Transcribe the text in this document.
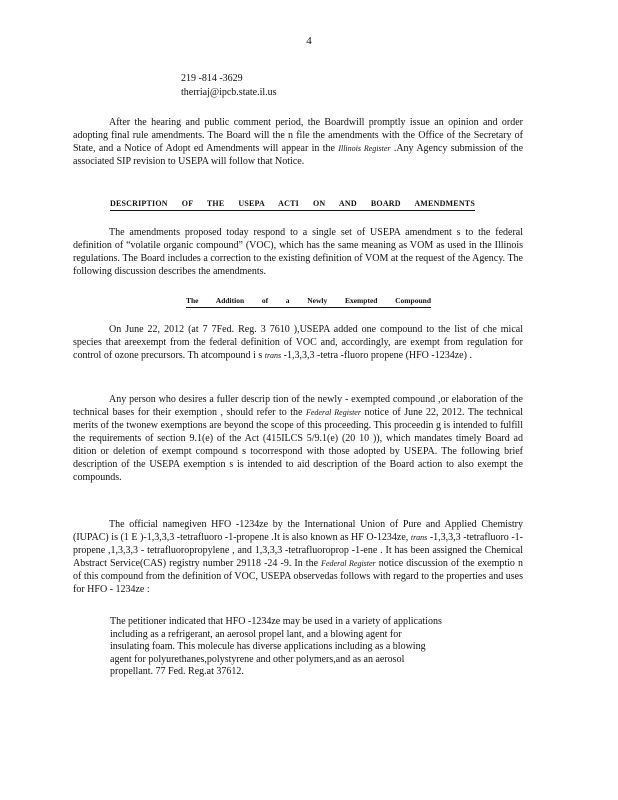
4
219 -814 -3629
therriaj@ipcb.state.il.us

After the hearing and public comment period, the Boardwill promptly issue an opinion and order adopting final rule amendments. The Board will the n file the amendments with the Office of the Secretary of State, and a Notice of Adopt ed Amendments will appear in the Illinois Register .Any Agency submission of the associated SIP revision to USEPA will follow that Notice.

DESCRIPTION OF THE USEPA ACTI ON AND BOARD AMENDMENTS

The amendments proposed today respond to a single set of USEPA amendment s to the federal definition of “volatile organic compound” (VOC), which has the same meaning as VOM as used in the Illinois regulations. The Board includes a correction to the existing definition of VOM at the request of the Agency. The following discussion describes the amendments.

The Addition of a Newly Exempted Compound

On June 22, 2012 (at 7 7Fed. Reg. 3 7610 ),USEPA added one compound to the list of che mical species that areexempt from the federal definition of VOC and, accordingly, are exempt from regulation for control of ozone precursors. Th atcompound i s trans -1,3,3,3 -tetra -fluoro propene (HFO -1234ze) .

Any person who desires a fuller descrip tion of the newly - exempted compound ,or elaboration of the technical bases for their exemption , should refer to the Federal Register notice of June 22, 2012. The technical merits of the twonew exemptions are beyond the scope of this proceeding. This proceedin g is intended to fulfill the requirements of section 9.1(e) of the Act (415ILCS 5/9.1(e) (20 10 )), which mandates timely Board ad dition or deletion of exempt compound s tocorrespond with those adopted by USEPA. The following brief description of the USEPA exemption s is intended to aid description of the Board action to also exempt the compounds.

The official namegiven HFO -1234ze by the International Union of Pure and Applied Chemistry (IUPAC) is (1 E )-1,3,3,3 -tetrafluoro -1-propene .It is also known as HF O-1234ze, trans -1,3,3,3 -tetrafluoro -1-propene ,1,3,3,3 - tetrafluoropropylene , and 1,3,3,3 -tetrafluoroprop -1-ene . It has been assigned the Chemical Abstract Service(CAS) registry number 29118 -24 -9. In the Federal Register notice discussion of the exemptio n of this compound from the definition of VOC, USEPA observedas follows with regard to the properties and uses for HFO - 1234ze :

The petitioner indicated that HFO -1234ze may be used in a variety of applications
including as a refrigerant, an aerosol propel lant, and a blowing agent for
insulating foam. This molecule has diverse applications including as a blowing
agent for polyurethanes,polystyrene and other polymers,and as an aerosol
propellant. 77 Fed. Reg.at 37612.
